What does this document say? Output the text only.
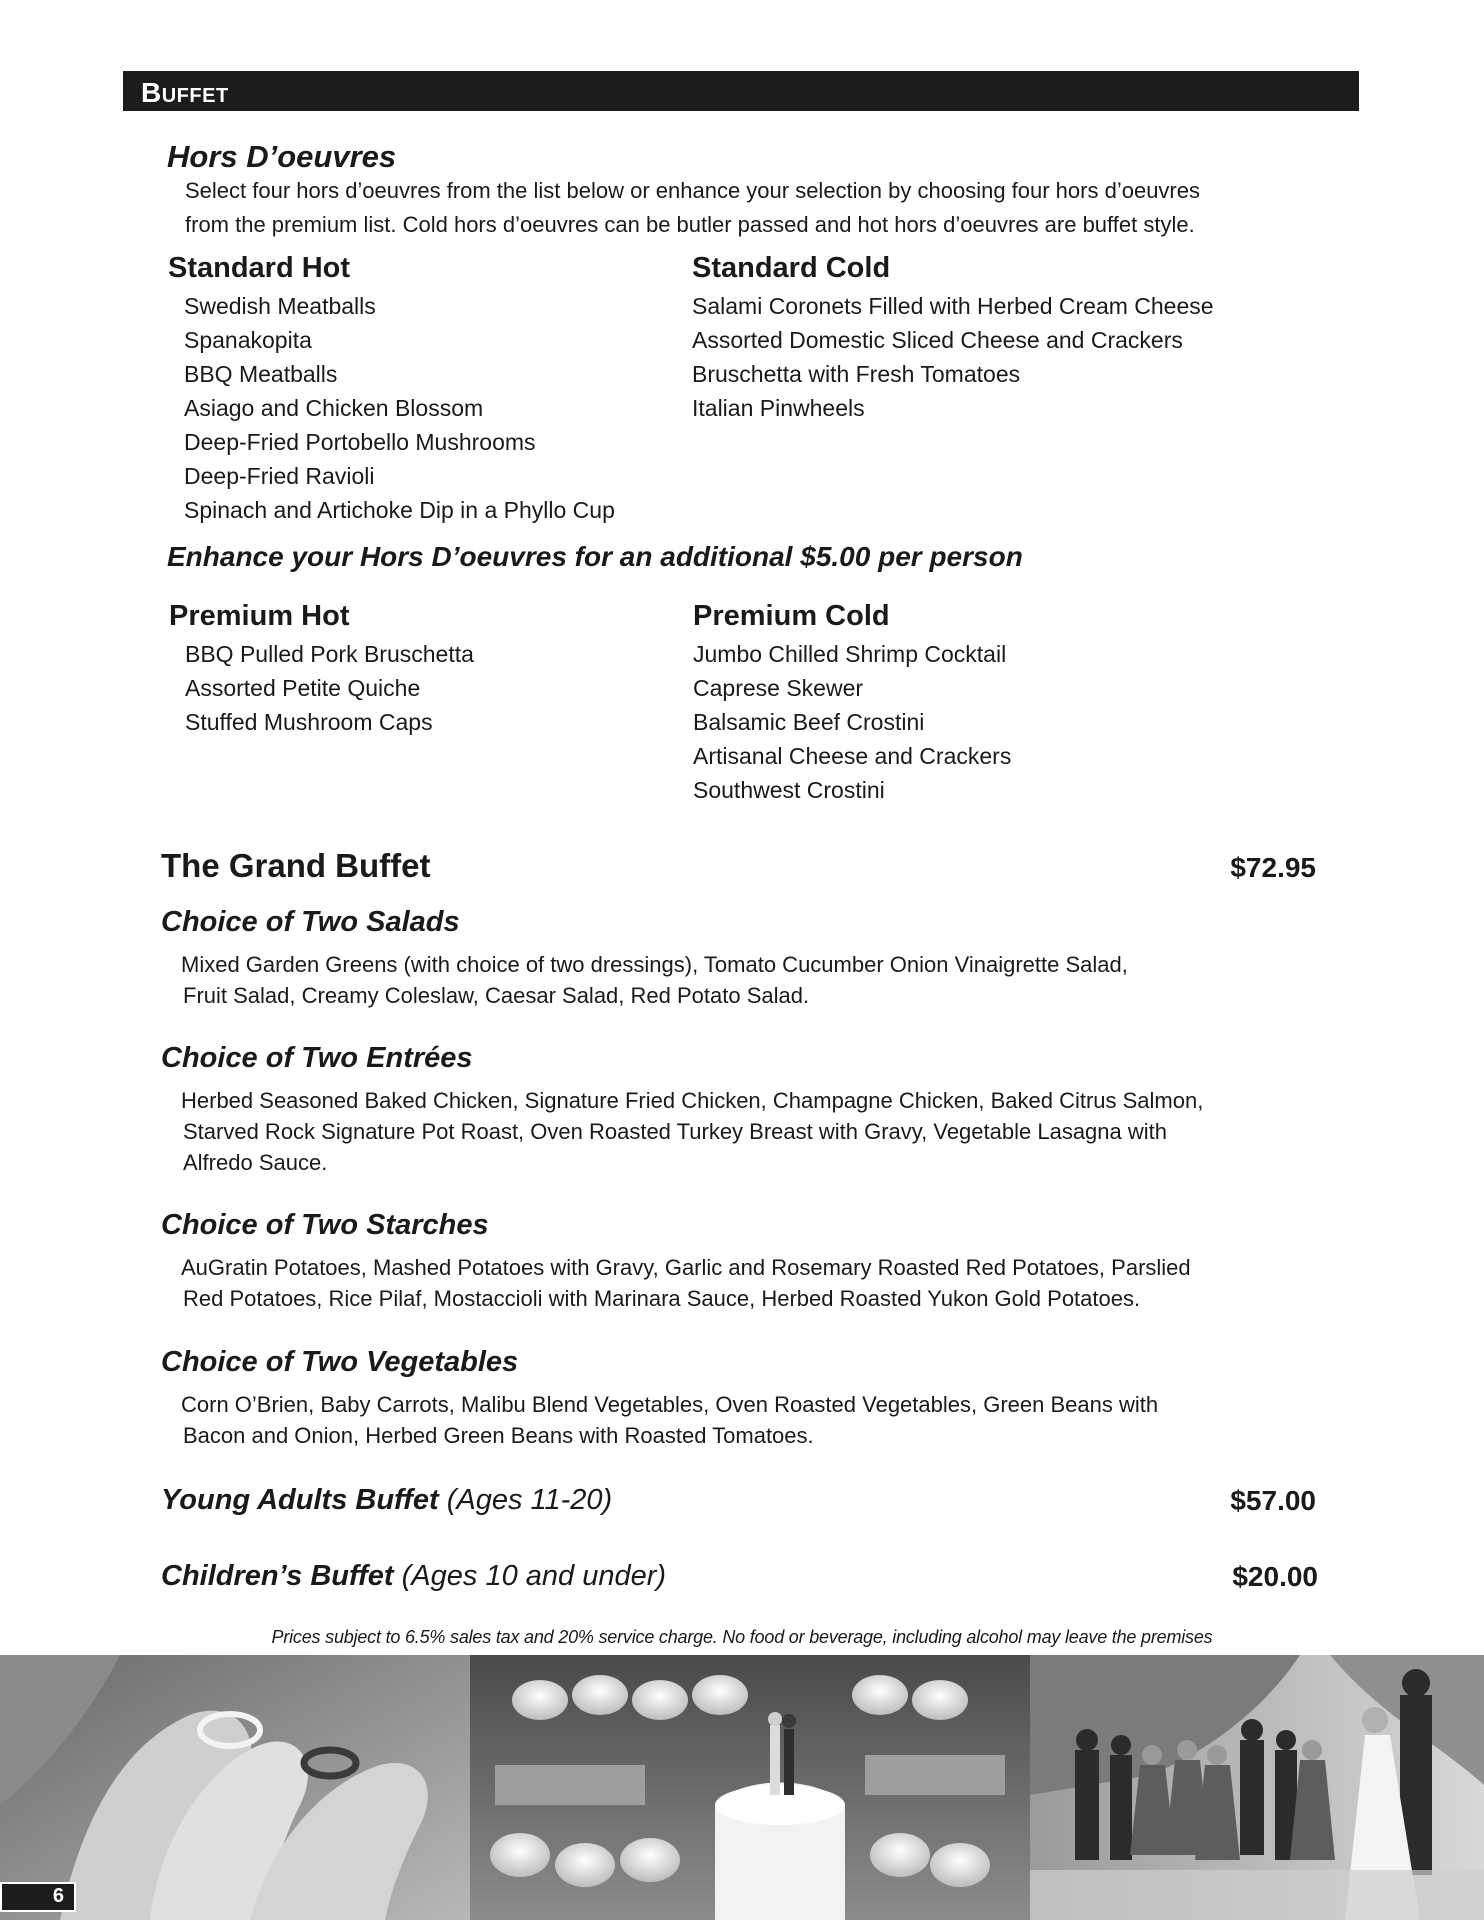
Buffet
Hors D’oeuvres
Select four hors d’oeuvres from the list below or enhance your selection by choosing four hors d’oeuvres
from the premium list. Cold hors d’oeuvres can be butler passed and hot hors d’oeuvres are buffet style.
Standard Hot
Swedish Meatballs
Spanakopita
BBQ Meatballs
Asiago and Chicken Blossom
Deep-Fried Portobello Mushrooms
Deep-Fried Ravioli
Spinach and Artichoke Dip in a Phyllo Cup
Standard Cold
Salami Coronets Filled with Herbed Cream Cheese
Assorted Domestic Sliced Cheese and Crackers
Bruschetta with Fresh Tomatoes
Italian Pinwheels
Enhance your Hors D’oeuvres for an additional $5.00 per person
Premium Hot
BBQ Pulled Pork Bruschetta
Assorted Petite Quiche
Stuffed Mushroom Caps
Premium Cold
Jumbo Chilled Shrimp Cocktail
Caprese Skewer
Balsamic Beef Crostini
Artisanal Cheese and Crackers
Southwest Crostini
The Grand Buffet	$72.95
Choice of Two Salads
Mixed Garden Greens (with choice of two dressings), Tomato Cucumber Onion Vinaigrette Salad,
Fruit Salad, Creamy Coleslaw, Caesar Salad, Red Potato Salad.
Choice of Two Entrées
Herbed Seasoned Baked Chicken, Signature Fried Chicken, Champagne Chicken, Baked Citrus Salmon,
Starved Rock Signature Pot Roast, Oven Roasted Turkey Breast with Gravy, Vegetable Lasagna with
Alfredo Sauce.
Choice of Two Starches
AuGratin Potatoes, Mashed Potatoes with Gravy, Garlic and Rosemary Roasted Red Potatoes, Parslied
Red Potatoes, Rice Pilaf, Mostaccioli with Marinara Sauce, Herbed Roasted Yukon Gold Potatoes.
Choice of Two Vegetables
Corn O’Brien, Baby Carrots, Malibu Blend Vegetables, Oven Roasted Vegetables, Green Beans with
Bacon and Onion, Herbed Green Beans with Roasted Tomatoes.
Young Adults Buffet (Ages 11-20)	$57.00
Children’s Buffet (Ages 10 and under)	$20.00
Prices subject to 6.5% sales tax and 20% service charge. No food or beverage, including alcohol may leave the premises
6
